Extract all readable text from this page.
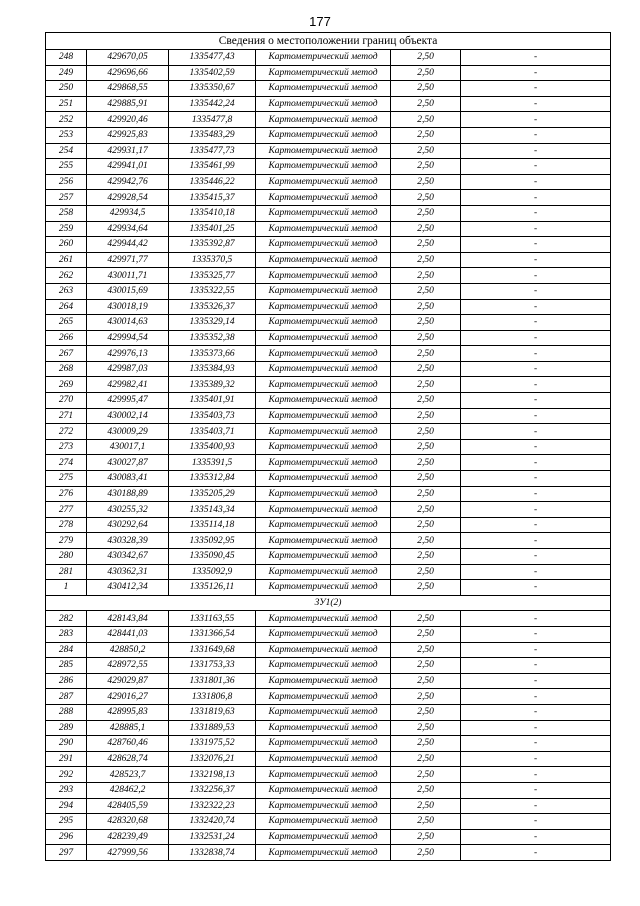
177
Сведения о местоположении границ объекта					
248	429670,05	1335477,43	Картометрический метод	2,50	-
249	429696,66	1335402,59	Картометрический метод	2,50	-
250	429868,55	1335350,67	Картометрический метод	2,50	-
251	429885,91	1335442,24	Картометрический метод	2,50	-
252	429920,46	1335477,8	Картометрический метод	2,50	-
253	429925,83	1335483,29	Картометрический метод	2,50	-
254	429931,17	1335477,73	Картометрический метод	2,50	-
255	429941,01	1335461,99	Картометрический метод	2,50	-
256	429942,76	1335446,22	Картометрический метод	2,50	-
257	429928,54	1335415,37	Картометрический метод	2,50	-
258	429934,5	1335410,18	Картометрический метод	2,50	-
259	429934,64	1335401,25	Картометрический метод	2,50	-
260	429944,42	1335392,87	Картометрический метод	2,50	-
261	429971,77	1335370,5	Картометрический метод	2,50	-
262	430011,71	1335325,77	Картометрический метод	2,50	-
263	430015,69	1335322,55	Картометрический метод	2,50	-
264	430018,19	1335326,37	Картометрический метод	2,50	-
265	430014,63	1335329,14	Картометрический метод	2,50	-
266	429994,54	1335352,38	Картометрический метод	2,50	-
267	429976,13	1335373,66	Картометрический метод	2,50	-
268	429987,03	1335384,93	Картометрический метод	2,50	-
269	429982,41	1335389,32	Картометрический метод	2,50	-
270	429995,47	1335401,91	Картометрический метод	2,50	-
271	430002,14	1335403,73	Картометрический метод	2,50	-
272	430009,29	1335403,71	Картометрический метод	2,50	-
273	430017,1	1335400,93	Картометрический метод	2,50	-
274	430027,87	1335391,5	Картометрический метод	2,50	-
275	430083,41	1335312,84	Картометрический метод	2,50	-
276	430188,89	1335205,29	Картометрический метод	2,50	-
277	430255,32	1335143,34	Картометрический метод	2,50	-
278	430292,64	1335114,18	Картометрический метод	2,50	-
279	430328,39	1335092,95	Картометрический метод	2,50	-
280	430342,67	1335090,45	Картометрический метод	2,50	-
281	430362,31	1335092,9	Картометрический метод	2,50	-
1	430412,34	1335126,11	Картометрический метод	2,50	-
ЗУ1(2)					
282	428143,84	1331163,55	Картометрический метод	2,50	-
283	428441,03	1331366,54	Картометрический метод	2,50	-
284	428850,2	1331649,68	Картометрический метод	2,50	-
285	428972,55	1331753,33	Картометрический метод	2,50	-
286	429029,87	1331801,36	Картометрический метод	2,50	-
287	429016,27	1331806,8	Картометрический метод	2,50	-
288	428995,83	1331819,63	Картометрический метод	2,50	-
289	428885,1	1331889,53	Картометрический метод	2,50	-
290	428760,46	1331975,52	Картометрический метод	2,50	-
291	428628,74	1332076,21	Картометрический метод	2,50	-
292	428523,7	1332198,13	Картометрический метод	2,50	-
293	428462,2	1332256,37	Картометрический метод	2,50	-
294	428405,59	1332322,23	Картометрический метод	2,50	-
295	428320,68	1332420,74	Картометрический метод	2,50	-
296	428239,49	1332531,24	Картометрический метод	2,50	-
297	427999,56	1332838,74	Картометрический метод	2,50	-
